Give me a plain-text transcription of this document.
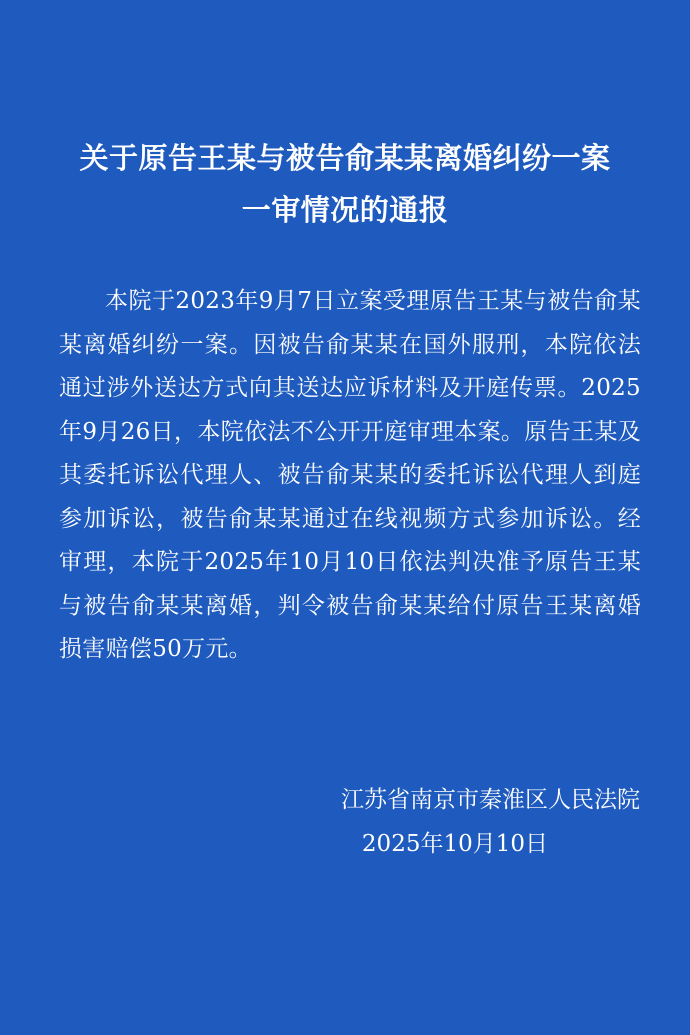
关于原告王某与被告俞某某离婚纠纷一案
一审情况的通报
本院于2023年9月7日立案受理原告王某与被告俞某某离婚纠纷一案。因被告俞某某在国外服刑，本院依法通过涉外送达方式向其送达应诉材料及开庭传票。2025年9月26日，本院依法不公开开庭审理本案。原告王某及其委托诉讼代理人、被告俞某某的委托诉讼代理人到庭参加诉讼，被告俞某某通过在线视频方式参加诉讼。经审理，本院于2025年10月10日依法判决准予原告王某与被告俞某某离婚，判令被告俞某某给付原告王某离婚损害赔偿50万元。
江苏省南京市秦淮区人民法院
2025年10月10日
